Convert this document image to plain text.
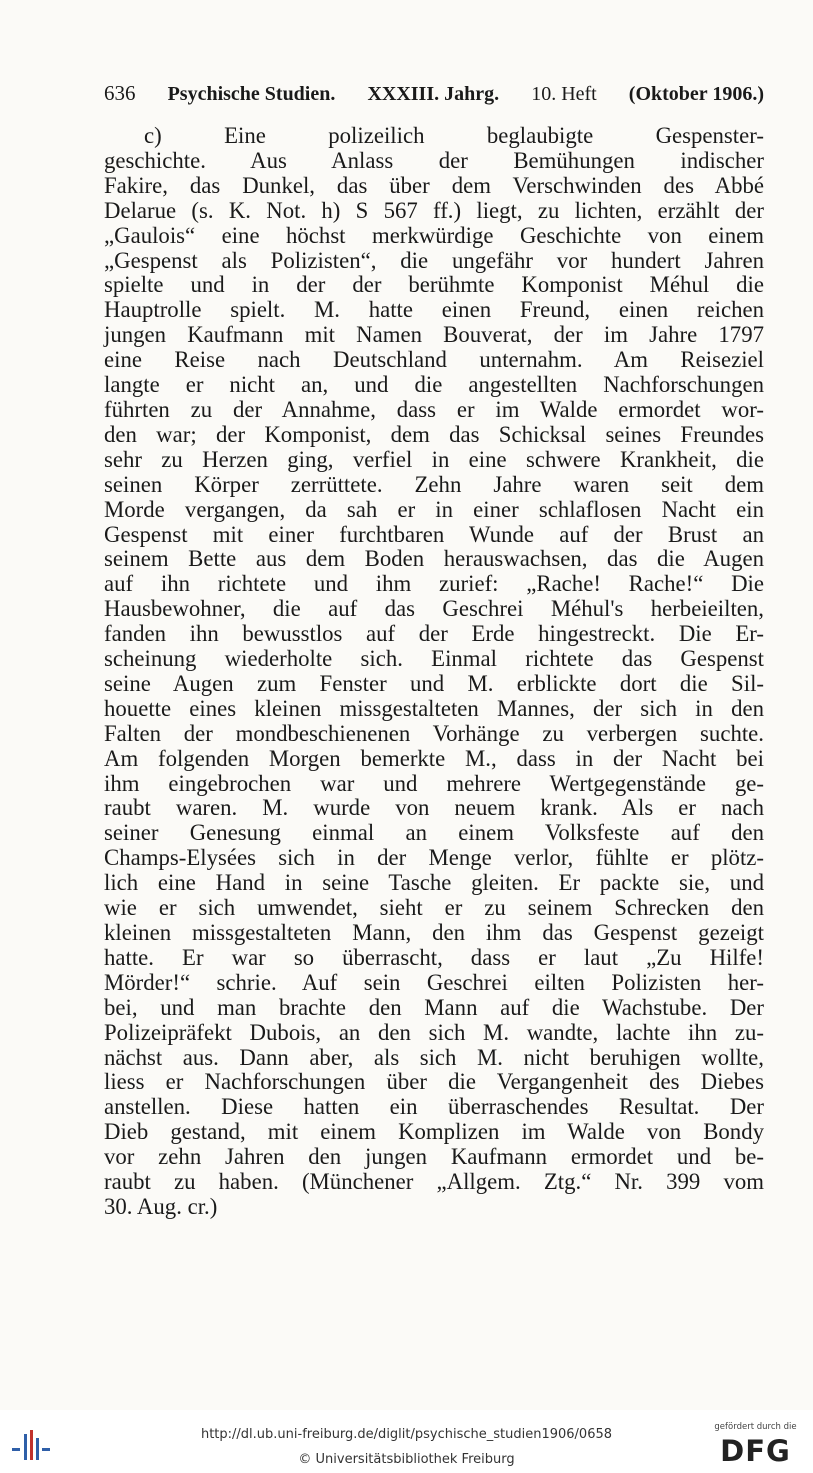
636 Psychische Studien. XXXIII. Jahrg. 10. Heft (Oktober 1906.)
c) Eine polizeilich beglaubigte Gespenster-
geschichte. Aus Anlass der Bemühungen indischer
Fakire, das Dunkel, das über dem Verschwinden des Abbé
Delarue (s. K. Not. h) S 567 ff.) liegt, zu lichten, erzählt der
„Gaulois“ eine höchst merkwürdige Geschichte von einem
„Gespenst als Polizisten“, die ungefähr vor hundert Jahren
spielte und in der der berühmte Komponist Méhul die
Hauptrolle spielt. M. hatte einen Freund, einen reichen
jungen Kaufmann mit Namen Bouverat, der im Jahre 1797
eine Reise nach Deutschland unternahm. Am Reiseziel
langte er nicht an, und die angestellten Nachforschungen
führten zu der Annahme, dass er im Walde ermordet wor-
den war; der Komponist, dem das Schicksal seines Freundes
sehr zu Herzen ging, verfiel in eine schwere Krankheit, die
seinen Körper zerrüttete. Zehn Jahre waren seit dem
Morde vergangen, da sah er in einer schlaflosen Nacht ein
Gespenst mit einer furchtbaren Wunde auf der Brust an
seinem Bette aus dem Boden herauswachsen, das die Augen
auf ihn richtete und ihm zurief: „Rache! Rache!“ Die
Hausbewohner, die auf das Geschrei Méhul's herbeieilten,
fanden ihn bewusstlos auf der Erde hingestreckt. Die Er-
scheinung wiederholte sich. Einmal richtete das Gespenst
seine Augen zum Fenster und M. erblickte dort die Sil-
houette eines kleinen missgestalteten Mannes, der sich in den
Falten der mondbeschienenen Vorhänge zu verbergen suchte.
Am folgenden Morgen bemerkte M., dass in der Nacht bei
ihm eingebrochen war und mehrere Wertgegenstände ge-
raubt waren. M. wurde von neuem krank. Als er nach
seiner Genesung einmal an einem Volksfeste auf den
Champs-Elysées sich in der Menge verlor, fühlte er plötz-
lich eine Hand in seine Tasche gleiten. Er packte sie, und
wie er sich umwendet, sieht er zu seinem Schrecken den
kleinen missgestalteten Mann, den ihm das Gespenst gezeigt
hatte. Er war so überrascht, dass er laut „Zu Hilfe!
Mörder!“ schrie. Auf sein Geschrei eilten Polizisten her-
bei, und man brachte den Mann auf die Wachstube. Der
Polizeipräfekt Dubois, an den sich M. wandte, lachte ihn zu-
nächst aus. Dann aber, als sich M. nicht beruhigen wollte,
liess er Nachforschungen über die Vergangenheit des Diebes
anstellen. Diese hatten ein überraschendes Resultat. Der
Dieb gestand, mit einem Komplizen im Walde von Bondy
vor zehn Jahren den jungen Kaufmann ermordet und be-
raubt zu haben. (Münchener „Allgem. Ztg.“ Nr. 399 vom
30. Aug. cr.)
http://dl.ub.uni-freiburg.de/diglit/psychische_studien1906/0658
© Universitätsbibliothek Freiburg
gefördert durch die
DFG
